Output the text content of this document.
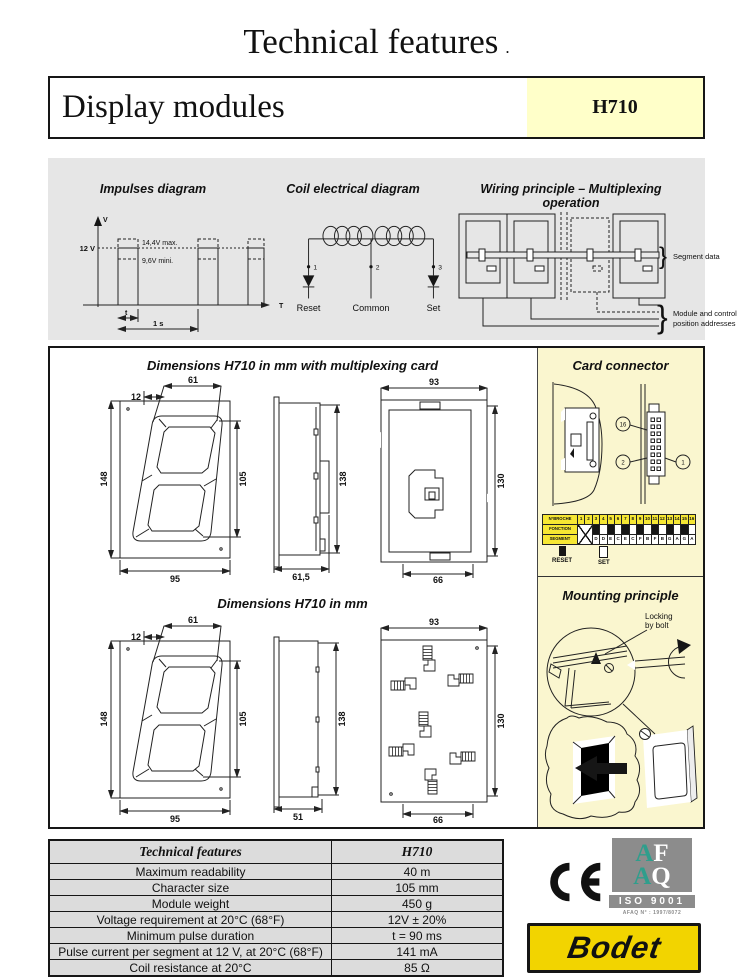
Technical features .
Display modules	H710
Impulses diagram	Coil electrical diagram	Wiring principle – Multiplexing operation
V
T
12 V
14,4V max.
9,6V mini.
t
1 s
1
Reset
2
Common
3
Set
} Segment data
} Module and control
position addresses
Dimensions H710 in mm with multiplexing card
Dimensions H710 in mm
61
12
148	105
95
138
61,5
93
130
66
61
12
148	105
95
138
51
93
130
66
Card connector
16
2	1
N°BROCHE	1	2	3	4	5	6	7	8	9	10	11	12	13	14	15	16
FONCTION																
SEGMENT			D	D	E	C	E	C	F	B	F	B	G	A	G	A
RESET	SET
Mounting principle
Locking
by bolt
Technical features	H710
Maximum readability	40 m
Character size	105 mm
Module weight	450 g
Voltage requirement at 20°C (68°F)	12V ± 20%
Minimum pulse duration	t = 90 ms
Pulse current per segment at 12 V, at 20°C (68°F)	141 mA
Coil resistance at 20°C	85 Ω
AF
AQ
ISO 9001
AFAQ N° : 1997/8072
Bodet
